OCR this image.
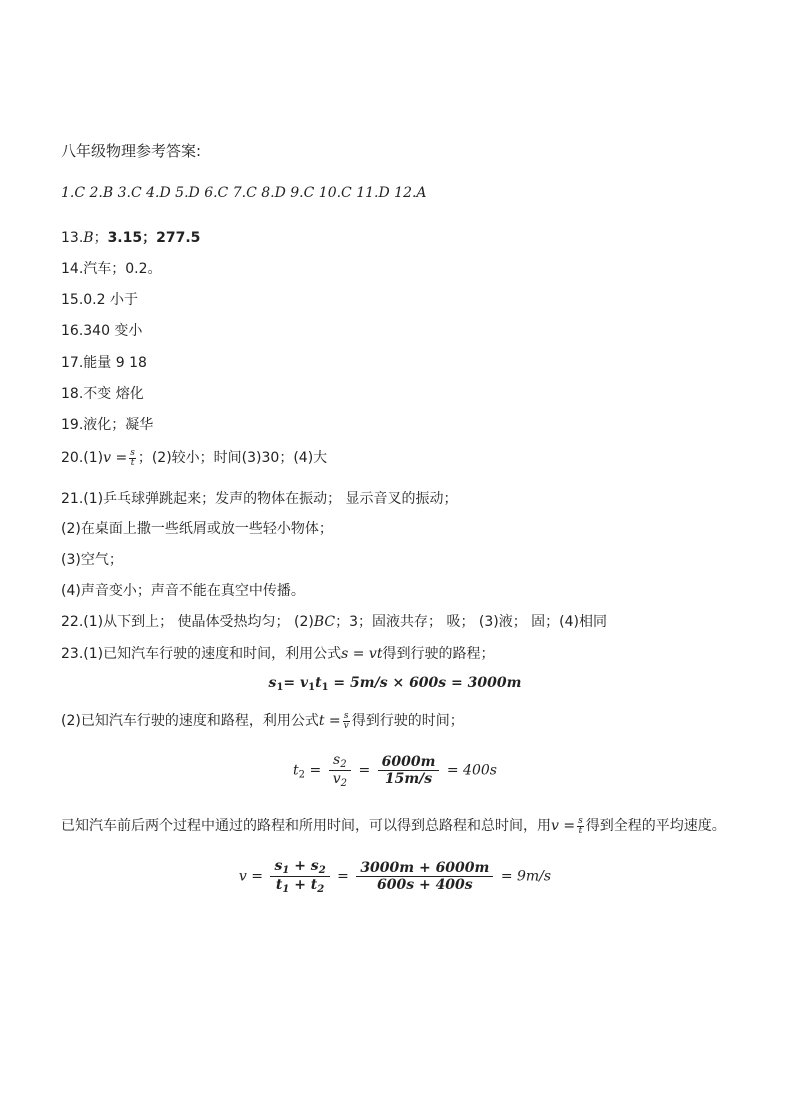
八年级物理参考答案:
1.C 2.B 3.C 4.D 5.D 6.C 7.C 8.D 9.C 10.C 11.D 12.A
13.B；3.15；277.5
14.汽车；0.2。
15.0.2 小于
16.340 变小
17.能量 9 18
18.不变 熔化
19.液化；凝华
$20.(1)v = \frac{s}{t}$ ；(2)较小；时间(3)30；(4)大
21.(1)乒乓球弹跳起来；发声的物体在振动； 显示音叉的振动；
(2)在桌面上撒一些纸屑或放一些轻小物体；
(3)空气；
(4)声音变小；声音不能在真空中传播。
22.(1)从下到上； 使晶体受热均匀； (2)BC；3；固液共存； 吸； (3)液； 固；(4)相同
23.(1)已知汽车行驶的速度和时间，利用公式s = vt得到行驶的路程；
$s_1= v_1t_1 = 5m/s \times 600s = 3000m$
(2)已知汽车行驶的速度和路程，利用公式$t = \frac{s}{v}$ 得到行驶的时间；
$t_2 = \frac{s_2}{v_2} = \frac{6000m}{15m/s} = 400s$
已知汽车前后两个过程中通过的路程和所用时间，可以得到总路程和总时间，用$v = \frac{s}{t}$ 得到全程的平均速度。
$v = \frac{s_1 + s_2}{t_1 + t_2} = \frac{3000m + 6000m}{600s + 400s} = 9m/s$
